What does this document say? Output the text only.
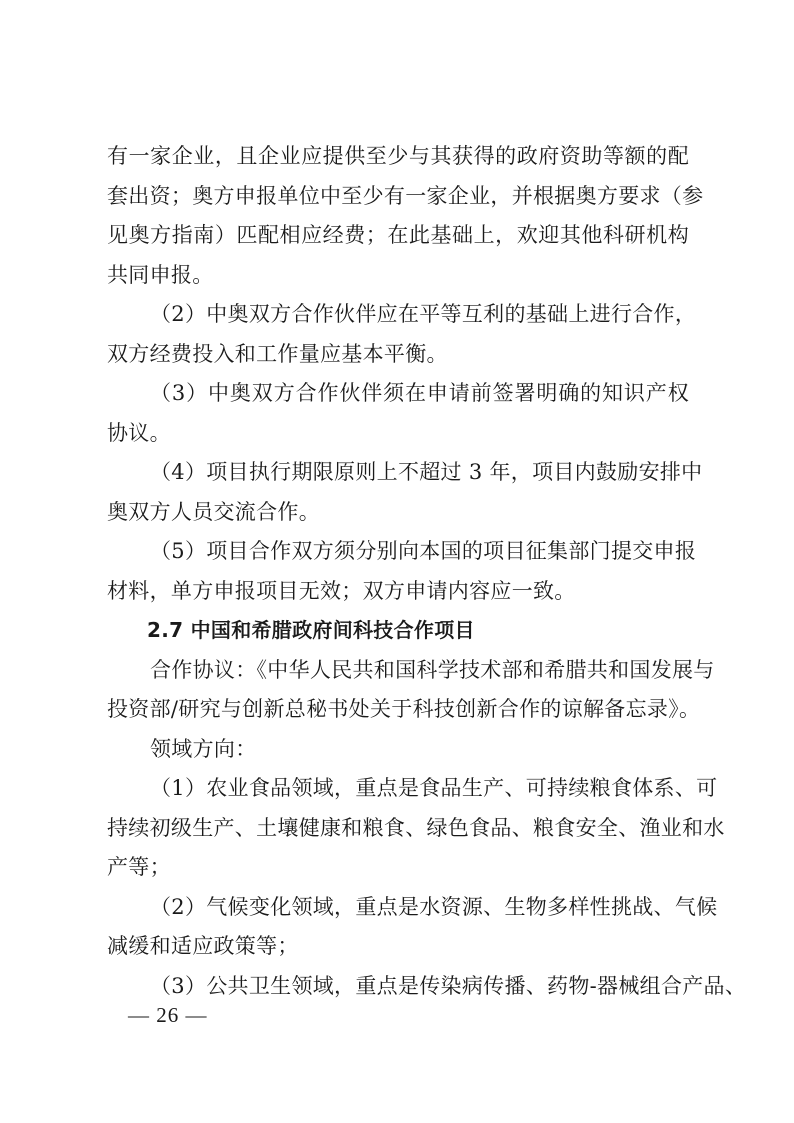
有一家企业，且企业应提供至少与其获得的政府资助等额的配
套出资；奥方申报单位中至少有一家企业，并根据奥方要求（参
见奥方指南）匹配相应经费；在此基础上，欢迎其他科研机构
共同申报。
（2）中奥双方合作伙伴应在平等互利的基础上进行合作，
双方经费投入和工作量应基本平衡。
（3）中奥双方合作伙伴须在申请前签署明确的知识产权
协议。
（4）项目执行期限原则上不超过 3 年，项目内鼓励安排中
奥双方人员交流合作。
（5）项目合作双方须分别向本国的项目征集部门提交申报
材料，单方申报项目无效；双方申请内容应一致。
2.7 中国和希腊政府间科技合作项目
合作协议：《中华人民共和国科学技术部和希腊共和国发展与
投资部/研究与创新总秘书处关于科技创新合作的谅解备忘录》。
领域方向：
（1）农业食品领域，重点是食品生产、可持续粮食体系、可
持续初级生产、土壤健康和粮食、绿色食品、粮食安全、渔业和水
产等；
（2）气候变化领域，重点是水资源、生物多样性挑战、气候
减缓和适应政策等；
（3）公共卫生领域，重点是传染病传播、药物-器械组合产品、
— 26 —
